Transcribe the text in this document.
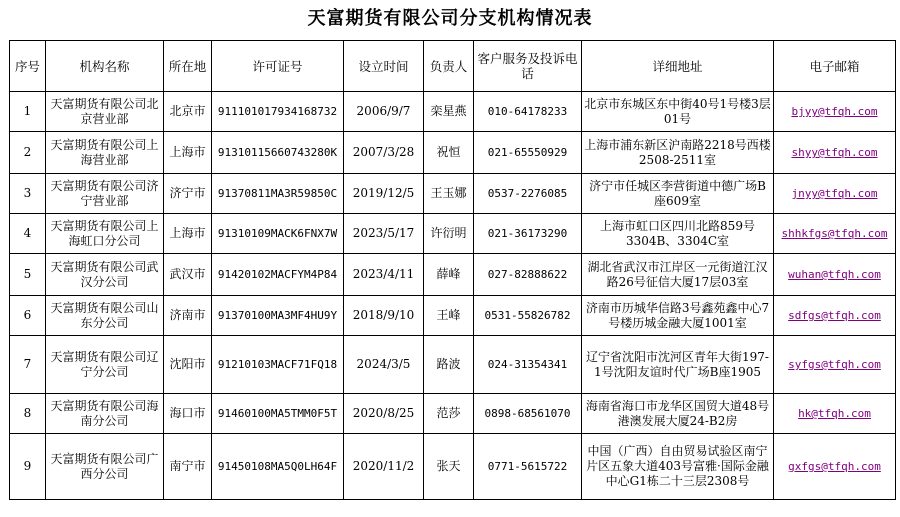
天富期货有限公司分支机构情况表
序号	机构名称	所在地	许可证号	设立时间	负责人	客户服务及投诉电话	详细地址	电子邮箱
1	天富期货有限公司北京营业部	北京市	911101017934168732	2006/9/7	栾星燕	010-64178233	北京市东城区东中街40号1号楼3层01号	bjyy@tfqh.com
2	天富期货有限公司上海营业部	上海市	91310115660743280K	2007/3/28	祝恒	021-65550929	上海市浦东新区沪南路2218号西楼2508-2511室	shyy@tfqh.com
3	天富期货有限公司济宁营业部	济宁市	91370811MA3R59850C	2019/12/5	王玉娜	0537-2276085	济宁市任城区李营街道中德广场B座609室	jnyy@tfqh.com
4	天富期货有限公司上海虹口分公司	上海市	91310109MACK6FNX7W	2023/5/17	许衍明	021-36173290	上海市虹口区四川北路859号3304B、3304C室	shhkfgs@tfqh.com
5	天富期货有限公司武汉分公司	武汉市	91420102MACFYM4P84	2023/4/11	薛峰	027-82888622	湖北省武汉市江岸区一元街道江汉路26号征信大厦17层03室	wuhan@tfqh.com
6	天富期货有限公司山东分公司	济南市	91370100MA3MF4HU9Y	2018/9/10	王峰	0531-55826782	济南市历城华信路3号鑫苑鑫中心7号楼历城金融大厦1001室	sdfgs@tfqh.com
7	天富期货有限公司辽宁分公司	沈阳市	91210103MACF71FQ18	2024/3/5	路波	024-31354341	辽宁省沈阳市沈河区青年大街197-1号沈阳友谊时代广场B座1905	syfgs@tfqh.com
8	天富期货有限公司海南分公司	海口市	91460100MA5TMM0F5T	2020/8/25	范莎	0898-68561070	海南省海口市龙华区国贸大道48号港澳发展大厦24-B2房	hk@tfqh.com
9	天富期货有限公司广西分公司	南宁市	91450108MA5Q0LH64F	2020/11/2	张天	0771-5615722	中国（广西）自由贸易试验区南宁片区五象大道403号富雅·国际金融中心G1栋二十三层2308号	gxfgs@tfqh.com
